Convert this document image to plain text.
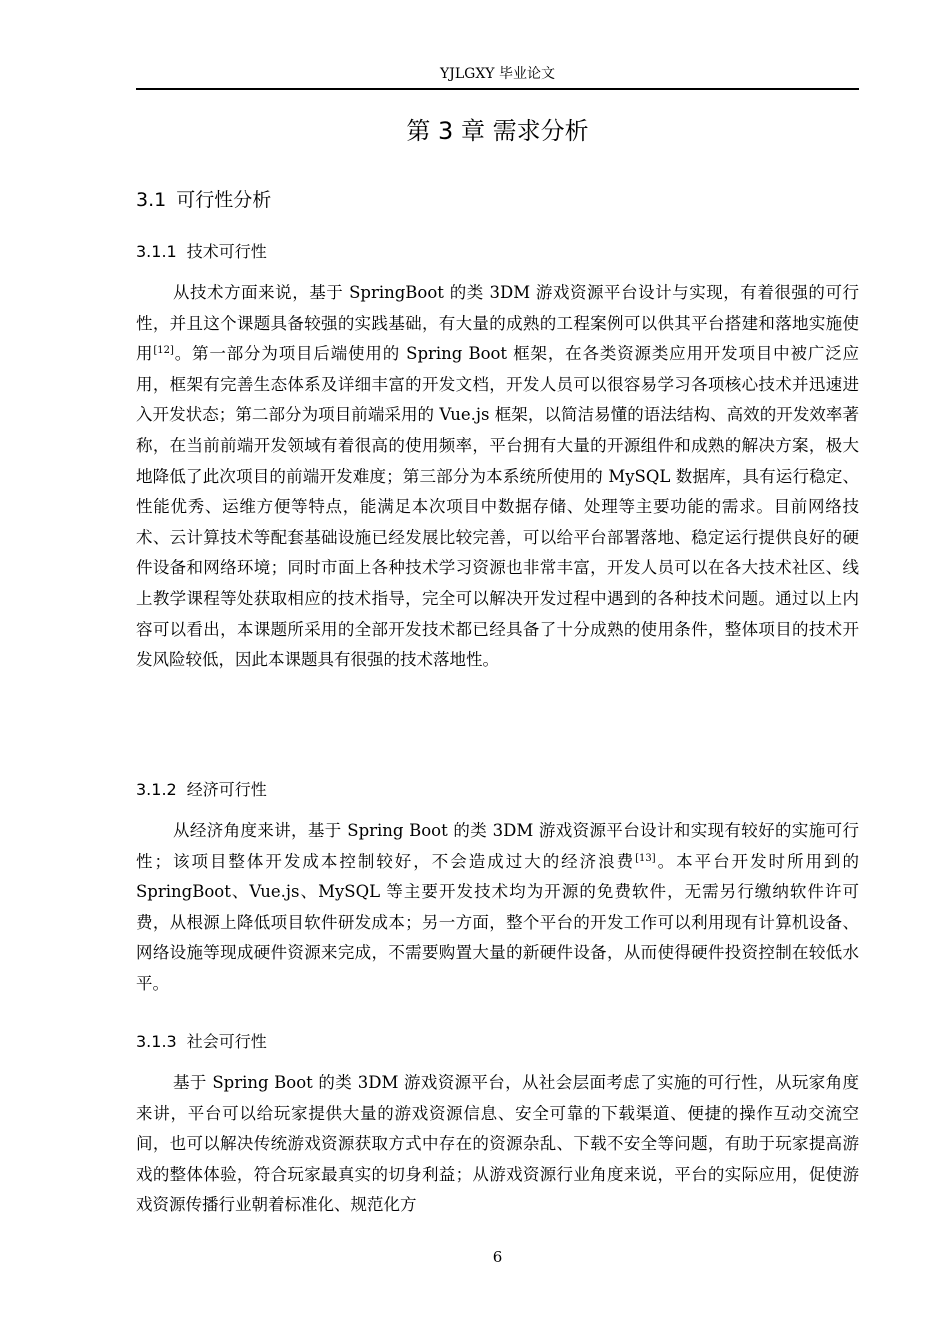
YJLGXY 毕业论文
第 3 章 需求分析
3.1 可行性分析
3.1.1 技术可行性

从技术方面来说，基于 SpringBoot 的类 3DM 游戏资源平台设计与实现，有着很强的可行性，并且这个课题具备较强的实践基础，有大量的成熟的工程案例可以供其平台搭建和落地实施使用[12]。第一部分为项目后端使用的 Spring Boot 框架，在各类资源类应用开发项目中被广泛应用，框架有完善生态体系及详细丰富的开发文档，开发人员可以很容易学习各项核心技术并迅速进入开发状态；第二部分为项目前端采用的 Vue.js 框架，以简洁易懂的语法结构、高效的开发效率著称，在当前前端开发领域有着很高的使用频率，平台拥有大量的开源组件和成熟的解决方案，极大地降低了此次项目的前端开发难度；第三部分为本系统所使用的 MySQL 数据库，具有运行稳定、性能优秀、运维方便等特点，能满足本次项目中数据存储、处理等主要功能的需求。目前网络技术、云计算技术等配套基础设施已经发展比较完善，可以给平台部署落地、稳定运行提供良好的硬件设备和网络环境；同时市面上各种技术学习资源也非常丰富，开发人员可以在各大技术社区、线上教学课程等处获取相应的技术指导，完全可以解决开发过程中遇到的各种技术问题。通过以上内容可以看出，本课题所采用的全部开发技术都已经具备了十分成熟的使用条件，整体项目的技术开发风险较低，因此本课题具有很强的技术落地性。

3.1.2 经济可行性

从经济角度来讲，基于 Spring Boot 的类 3DM 游戏资源平台设计和实现有较好的实施可行性；该项目整体开发成本控制较好，不会造成过大的经济浪费[13]。本平台开发时所用到的 SpringBoot、Vue.js、MySQL 等主要开发技术均为开源的免费软件，无需另行缴纳软件许可费，从根源上降低项目软件研发成本；另一方面，整个平台的开发工作可以利用现有计算机设备、网络设施等现成硬件资源来完成，不需要购置大量的新硬件设备，从而使得硬件投资控制在较低水平。

3.1.3 社会可行性

基于 Spring Boot 的类 3DM 游戏资源平台，从社会层面考虑了实施的可行性，从玩家角度来讲，平台可以给玩家提供大量的游戏资源信息、安全可靠的下载渠道、便捷的操作互动交流空间，也可以解决传统游戏资源获取方式中存在的资源杂乱、下载不安全等问题，有助于玩家提高游戏的整体体验，符合玩家最真实的切身利益；从游戏资源行业角度来说，平台的实际应用，促使游戏资源传播行业朝着标准化、规范化方

6
